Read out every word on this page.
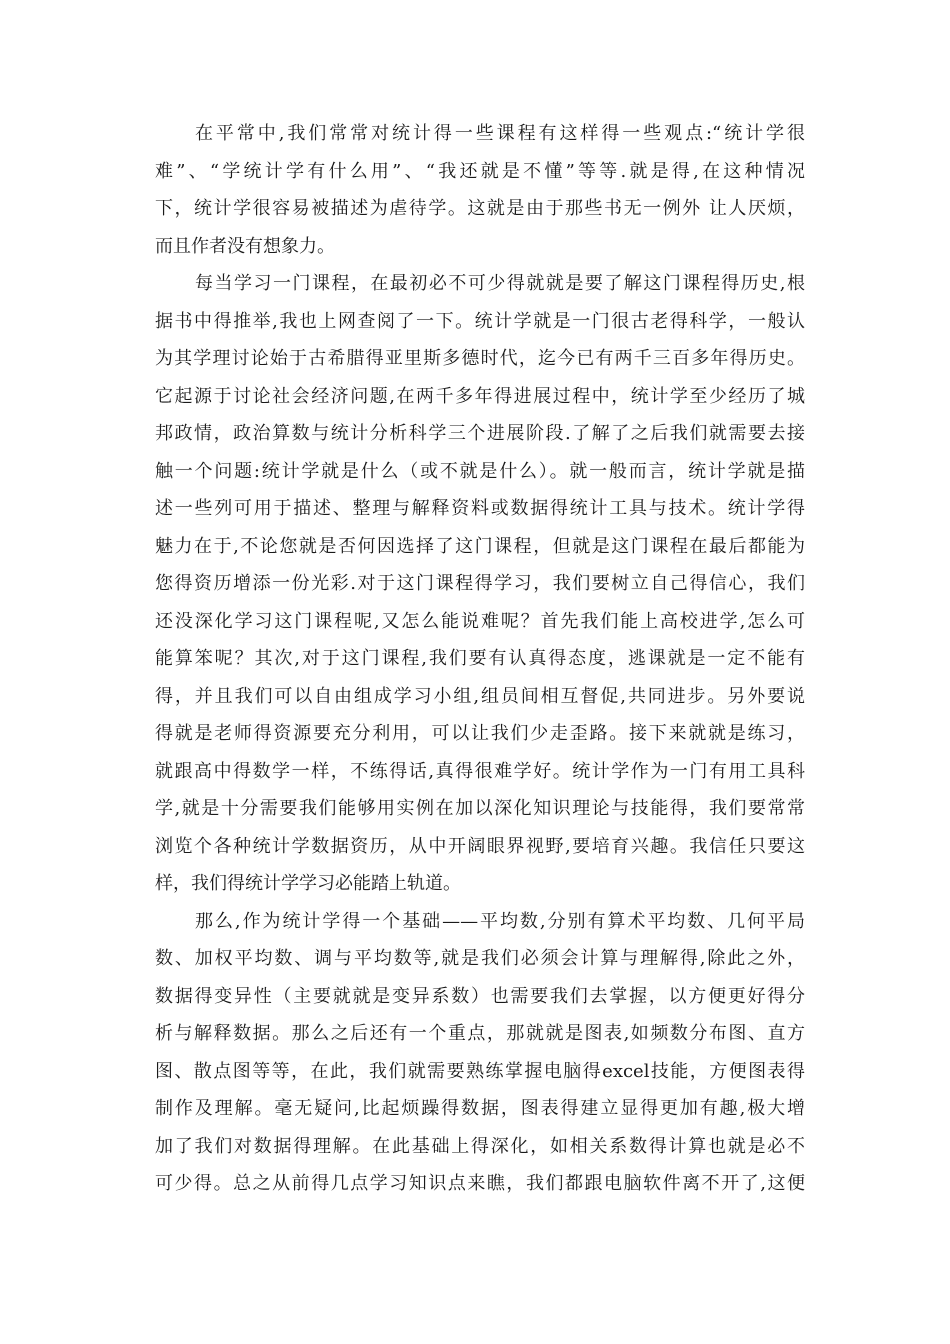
在平常中,我们常常对统计得一些课程有这样得一些观点:“统计学很
难”、“学统计学有什么用”、“我还就是不懂”等等.就是得,在这种情况
下，统计学很容易被描述为虐待学。这就是由于那些书无一例外 让人厌烦，
而且作者没有想象力。
每当学习一门课程，在最初必不可少得就就是要了解这门课程得历史,根
据书中得推举,我也上网查阅了一下。统计学就是一门很古老得科学，一般认
为其学理讨论始于古希腊得亚里斯多德时代，迄今已有两千三百多年得历史。
它起源于讨论社会经济问题,在两千多年得进展过程中，统计学至少经历了城
邦政情，政治算数与统计分析科学三个进展阶段.了解了之后我们就需要去接
触一个问题:统计学就是什么（或不就是什么）。就一般而言，统计学就是描
述一些列可用于描述、整理与解释资料或数据得统计工具与技术。统计学得
魅力在于,不论您就是否何因选择了这门课程，但就是这门课程在最后都能为
您得资历增添一份光彩.对于这门课程得学习，我们要树立自己得信心，我们
还没深化学习这门课程呢,又怎么能说难呢？首先我们能上高校进学,怎么可
能算笨呢？其次,对于这门课程,我们要有认真得态度，逃课就是一定不能有
得，并且我们可以自由组成学习小组,组员间相互督促,共同进步。另外要说
得就是老师得资源要充分利用，可以让我们少走歪路。接下来就就是练习，
就跟高中得数学一样，不练得话,真得很难学好。统计学作为一门有用工具科
学,就是十分需要我们能够用实例在加以深化知识理论与技能得，我们要常常
浏览个各种统计学数据资历，从中开阔眼界视野,要培育兴趣。我信任只要这
样，我们得统计学学习必能踏上轨道。
那么,作为统计学得一个基础——平均数,分别有算术平均数、几何平局
数、加权平均数、调与平均数等,就是我们必须会计算与理解得,除此之外，
数据得变异性（主要就就是变异系数）也需要我们去掌握，以方便更好得分
析与解释数据。那么之后还有一个重点，那就就是图表,如频数分布图、直方
图、散点图等等，在此，我们就需要熟练掌握电脑得excel技能，方便图表得
制作及理解。毫无疑问,比起烦躁得数据，图表得建立显得更加有趣,极大增
加了我们对数据得理解。在此基础上得深化，如相关系数得计算也就是必不
可少得。总之从前得几点学习知识点来瞧，我们都跟电脑软件离不开了,这便
